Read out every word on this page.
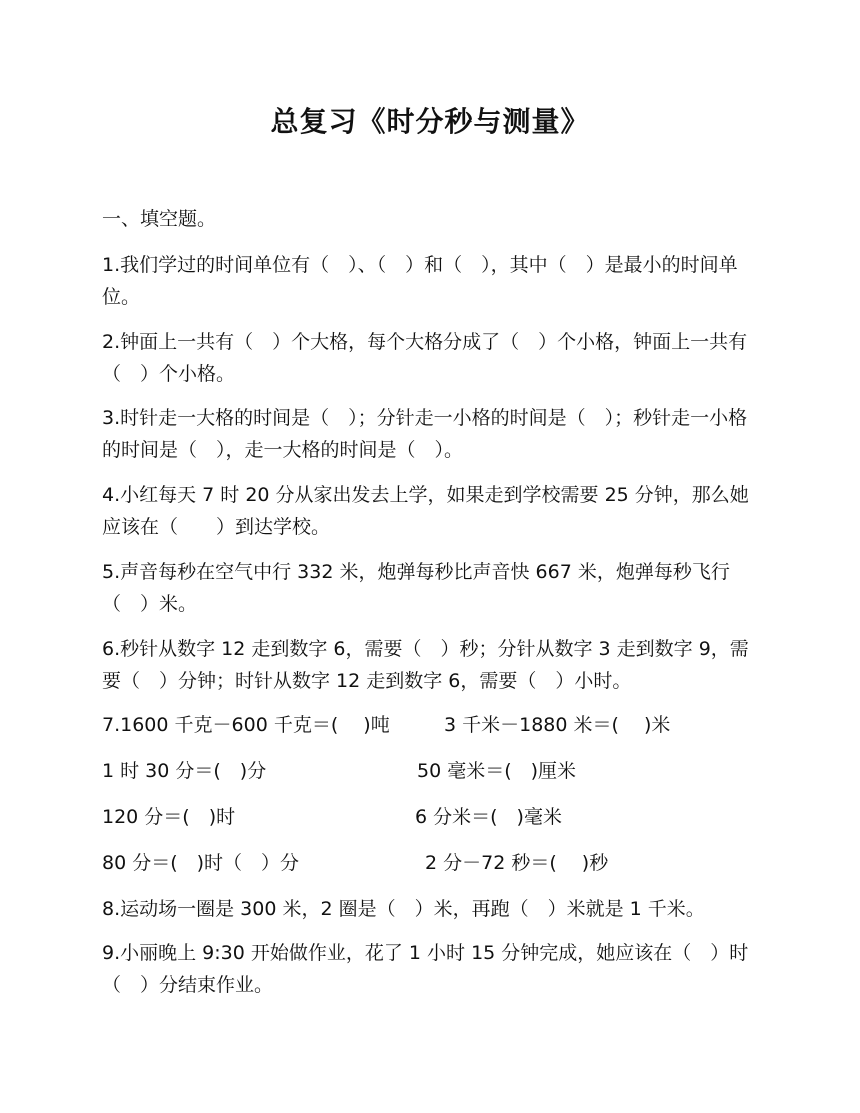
总复习《时分秒与测量》
一、填空题。
1.我们学过的时间单位有（　）、（　）和（　），其中（　）是最小的时间单位。
2.钟面上一共有（　）个大格，每个大格分成了（　）个小格，钟面上一共有（　）个小格。
3.时针走一大格的时间是（　）；分针走一小格的时间是（　）；秒针走一小格的时间是（　），走一大格的时间是（　）。
4.小红每天 7 时 20 分从家出发去上学，如果走到学校需要 25 分钟，那么她应该在（　　）到达学校。
5.声音每秒在空气中行 332 米，炮弹每秒比声音快 667 米，炮弹每秒飞行（　）米。
6.秒针从数字 12 走到数字 6，需要（　）秒；分针从数字 3 走到数字 9，需要（　）分钟；时针从数字 12 走到数字 6，需要（　）小时。
7.1600 千克－600 千克＝(　 )吨	3 千米－1880 米＝(　 )米
1 时 30 分＝(　)分	50 毫米＝(　)厘米
120 分＝(　)时	6 分米＝(　)毫米
80 分＝(　)时（　）分	2 分－72 秒＝(　 )秒
8.运动场一圈是 300 米，2 圈是（　）米，再跑（　）米就是 1 千米。
9.小丽晚上 9:30 开始做作业，花了 1 小时 15 分钟完成，她应该在（　）时（　）分结束作业。
